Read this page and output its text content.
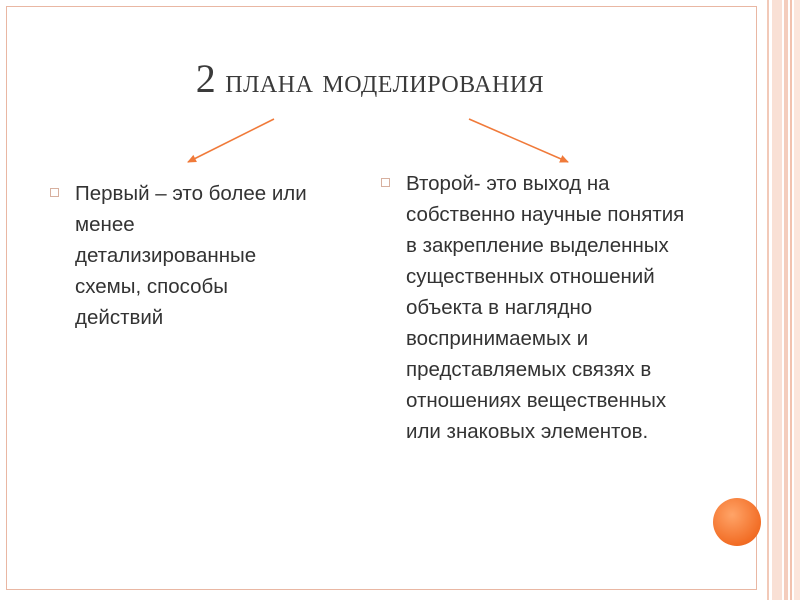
2 плана моделирования
Первый – это более или
менее
детализированные
схемы, способы
действий
Второй- это выход на
собственно научные понятия
в закрепление выделенных
существенных отношений
объекта в наглядно
воспринимаемых и
представляемых связях в
отношениях вещественных
или знаковых элементов.
